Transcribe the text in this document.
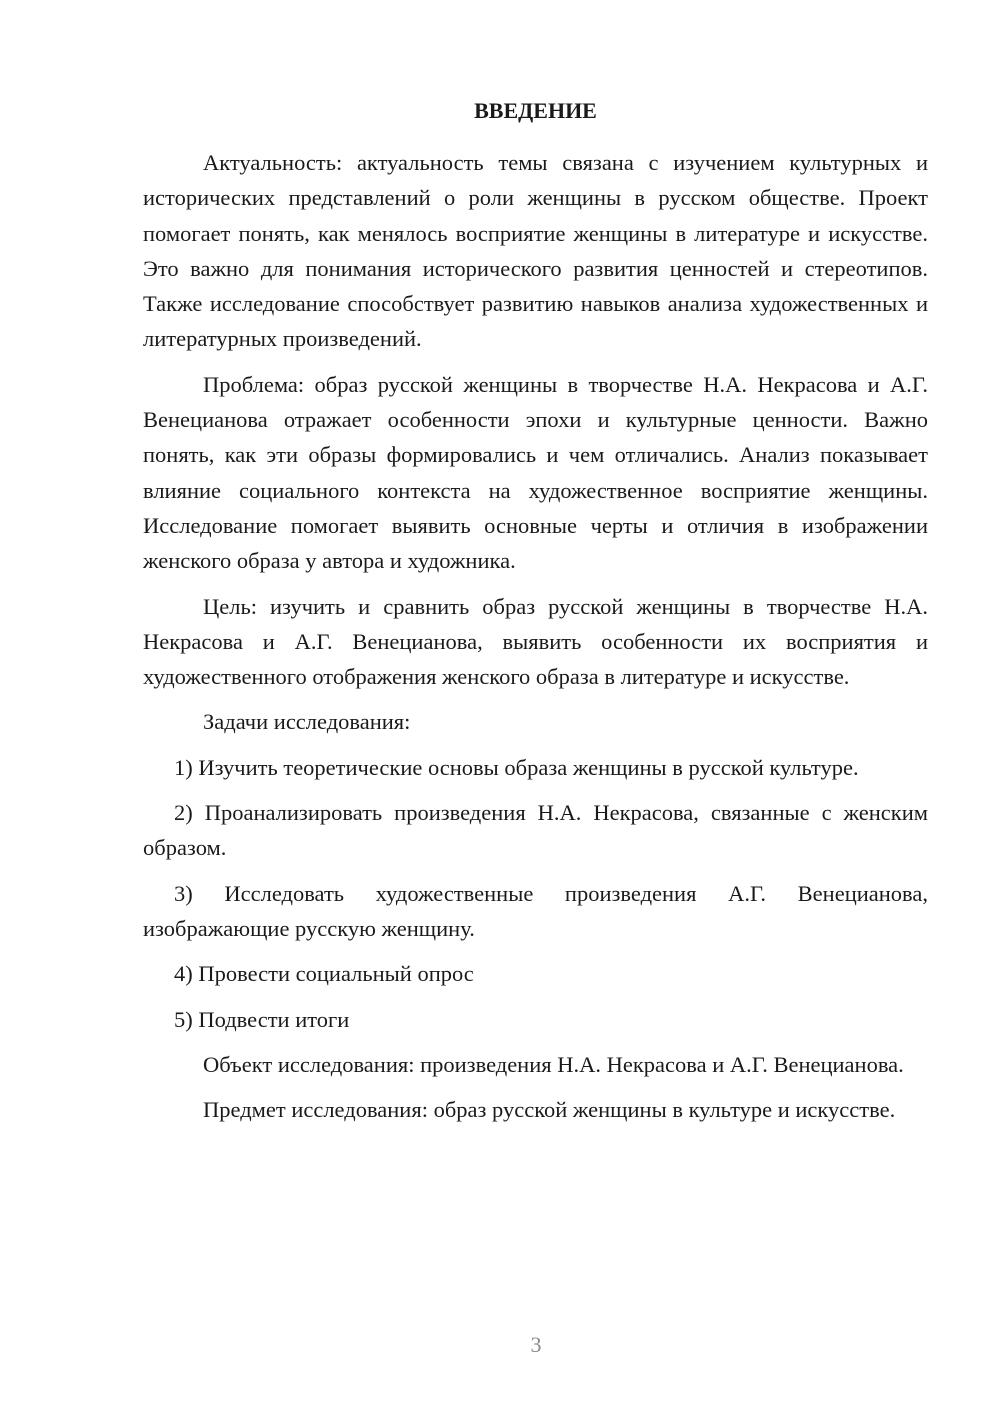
ВВЕДЕНИЕ

Актуальность: актуальность темы связана с изучением культурных и исторических представлений о роли женщины в русском обществе. Проект помогает понять, как менялось восприятие женщины в литературе и искусстве. Это важно для понимания исторического развития ценностей и стереотипов. Также исследование способствует развитию навыков анализа художественных и литературных произведений.

Проблема: образ русской женщины в творчестве Н.А. Некрасова и А.Г. Венецианова отражает особенности эпохи и культурные ценности. Важно понять, как эти образы формировались и чем отличались. Анализ показывает влияние социального контекста на художественное восприятие женщины. Исследование помогает выявить основные черты и отличия в изображении женского образа у автора и художника.

Цель: изучить и сравнить образ русской женщины в творчестве Н.А. Некрасова и А.Г. Венецианова, выявить особенности их восприятия и художественного отображения женского образа в литературе и искусстве.

Задачи исследования:

1) Изучить теоретические основы образа женщины в русской культуре.

2) Проанализировать произведения Н.А. Некрасова, связанные с женским образом.

3) Исследовать художественные произведения А.Г. Венецианова, изображающие русскую женщину.

4) Провести социальный опрос

5) Подвести итоги

Объект исследования: произведения Н.А. Некрасова и А.Г. Венецианова.

Предмет исследования: образ русской женщины в культуре и искусстве.

3
